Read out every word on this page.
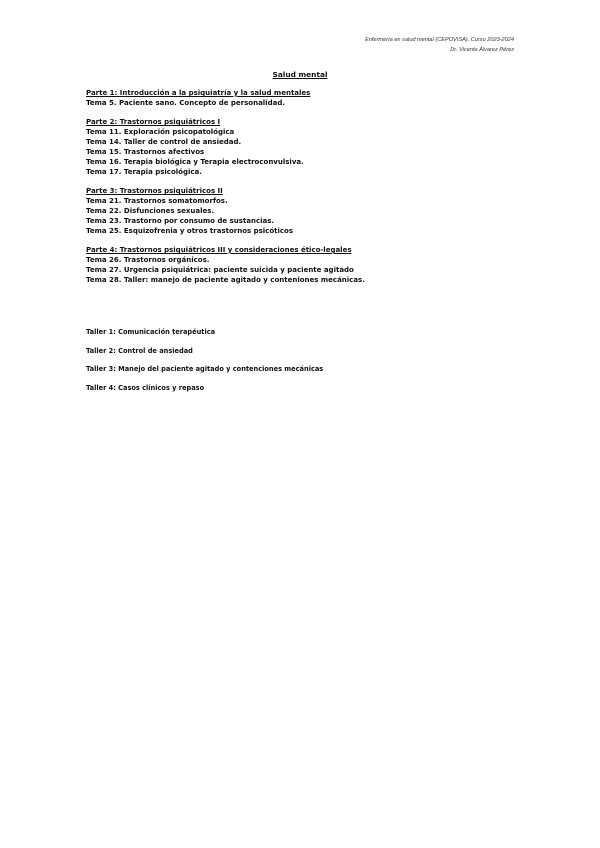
Enfermería en salud mental (CEPOVISA). Curso 2023-2024
Dr. Vicente Álvarez Pérez
Salud mental
Parte 1: Introducción a la psiquiatría y la salud mentales
Tema 5. Paciente sano. Concepto de personalidad.
Parte 2: Trastornos psiquiátricos I
Tema 11. Exploración psicopatológica
Tema 14. Taller de control de ansiedad.
Tema 15. Trastornos afectivos
Tema 16. Terapia biológica y Terapia electroconvulsiva.
Tema 17. Terapia psicológica.
Parte 3: Trastornos psiquiátricos II
Tema 21. Trastornos somatomorfos.
Tema 22. Disfunciones sexuales.
Tema 23. Trastorno por consumo de sustancias.
Tema 25. Esquizofrenia y otros trastornos psicóticos
Parte 4: Trastornos psiquiátricos III y consideraciones ético-legales
Tema 26. Trastornos orgánicos.
Tema 27. Urgencia psiquiátrica: paciente suicida y paciente agitado
Tema 28. Taller: manejo de paciente agitado y conteniones mecánicas.
Taller 1: Comunicación terapéutica
Taller 2: Control de ansiedad
Taller 3: Manejo del paciente agitado y contenciones mecánicas
Taller 4: Casos clínicos y repaso
